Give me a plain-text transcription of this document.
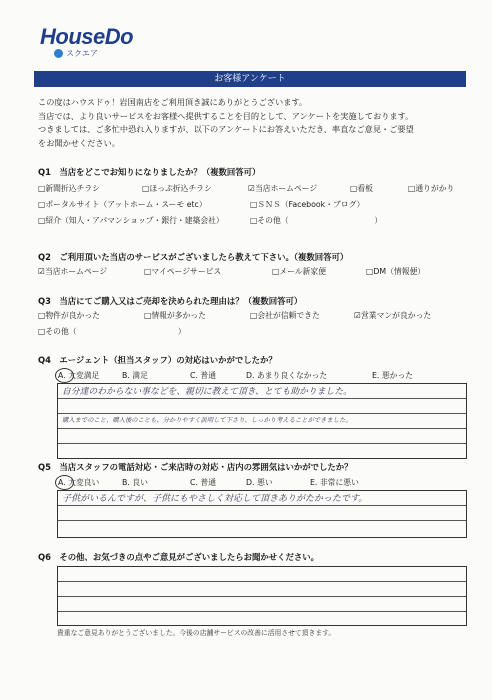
HouseDo
スクエア
お客様アンケート
この度はハウスドゥ！岩国南店をご利用頂き誠にありがとうございます。
当店では、より良いサービスをお客様へ提供することを目的として、アンケートを実施しております。
つきましては、ご多忙中恐れ入りますが、以下のアンケートにお答えいただき、率直なご意見・ご要望
をお聞かせください。
Q1　当店をどこでお知りになりましたか？（複数回答可）
□新聞折込チラシ	□ほっぷ折込チラシ	☑当店ホームページ	□看板	□通りがかり
□ポータルサイト（アットホーム・スーモ etc）	□ＳＮＳ（Facebook・ブログ）
□紹介（知人・アパマンショップ・銀行・建築会社）	□その他（　　　　　　　　　　　）
Q2　ご利用頂いた当店のサービスがございましたら教えて下さい。（複数回答可）
☑当店ホームページ	□マイページサービス	□メール新家便	□DM（情報便）
Q3　当店にてご購入又はご売却を決められた理由は？（複数回答可）
□物件が良かった	□情報が多かった	□会社が信頼できた	☑営業マンが良かった
□その他（　　　　　　　　　　　　　）
Q4　エージェント（担当スタッフ）の対応はいかがでしたか？
A. 大変満足	B. 満足	C. 普通	D. あまり良くなかった	E. 悪かった
自分達のわからない事などを、親切に教えて頂き、とても助かりました。
購入までのこと、購入後のことも、分かりやすく説明して下さり、しっかり考えることができました。
Q5　当店スタッフの電話対応・ご来店時の対応・店内の雰囲気はいかがでしたか？
A. 大変良い	B. 良い	C. 普通	D. 悪い	E. 非常に悪い
子供がいるんですが、子供にもやさしく対応して頂きありがたかったです。
Q6　その他、お気づきの点やご意見がございましたらお聞かせください。
貴重なご意見ありがとうございました。今後の店舗サービスの改善に活用させて頂きます。
